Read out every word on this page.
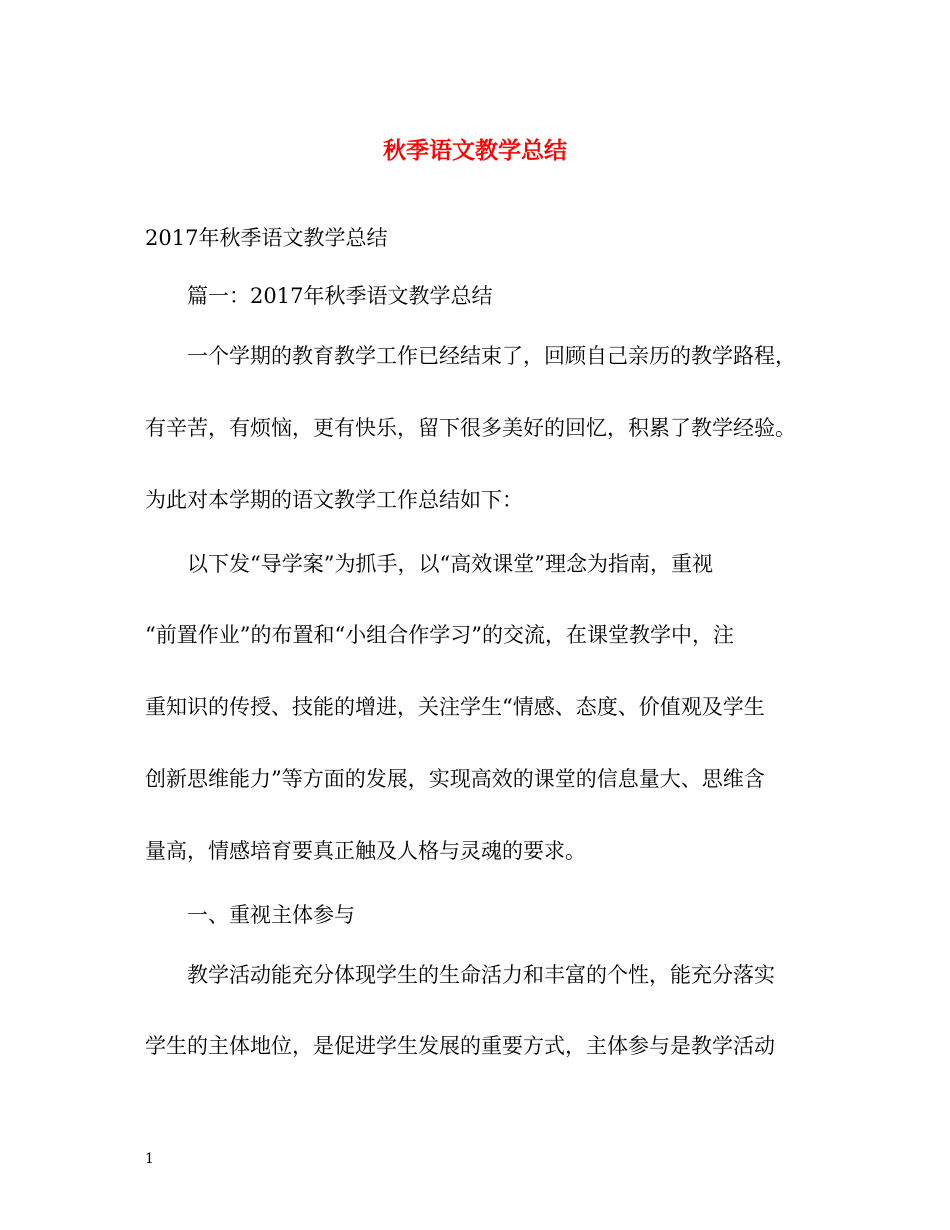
秋季语文教学总结
2017年秋季语文教学总结
篇一：2017年秋季语文教学总结
一个学期的教育教学工作已经结束了，回顾自己亲历的教学路程，
有辛苦，有烦恼，更有快乐，留下很多美好的回忆，积累了教学经验。
为此对本学期的语文教学工作总结如下：
以下发“导学案”为抓手，以“高效课堂”理念为指南，重视
“前置作业”的布置和“小组合作学习”的交流，在课堂教学中，注
重知识的传授、技能的增进，关注学生“情感、态度、价值观及学生
创新思维能力”等方面的发展，实现高效的课堂的信息量大、思维含
量高，情感培育要真正触及人格与灵魂的要求。
一、重视主体参与
教学活动能充分体现学生的生命活力和丰富的个性，能充分落实
学生的主体地位，是促进学生发展的重要方式，主体参与是教学活动
1
